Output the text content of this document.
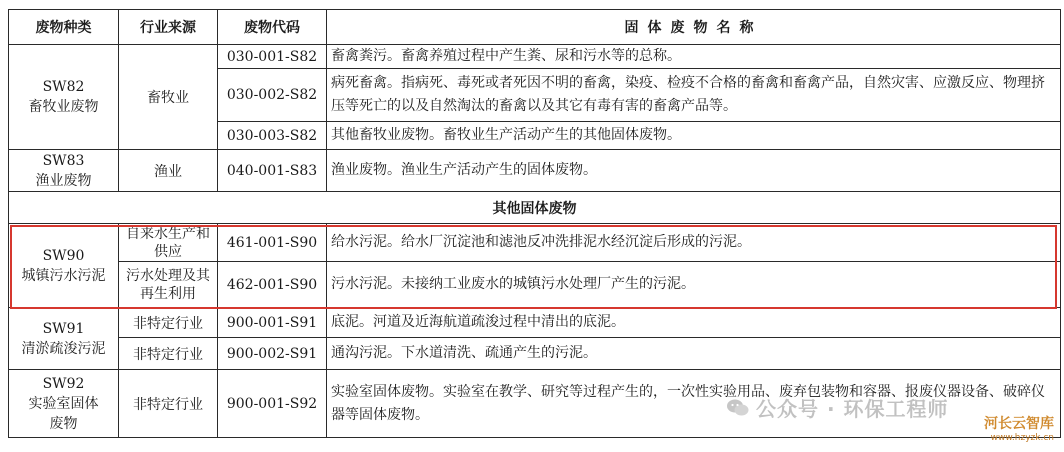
废物种类	行业来源	废物代码	固体废物名称

SW82
畜牧业废物	畜牧业	030-001-S82	畜禽粪污。畜禽养殖过程中产生粪、尿和污水等的总称。
		030-002-S82	病死畜禽。指病死、毒死或者死因不明的畜禽，染疫、检疫不合格的畜禽和畜禽产品，自然灾害、应激反应、物理挤压等死亡的以及自然淘汰的畜禽以及其它有毒有害的畜禽产品等。
		030-003-S82	其他畜牧业废物。畜牧业生产活动产生的其他固体废物。

SW83
渔业废物	渔业	040-001-S83	渔业废物。渔业生产活动产生的固体废物。
其他固体废物			

SW90
城镇污水污泥	自来水生产和供应	461-001-S90	给水污泥。给水厂沉淀池和滤池反冲洗排泥水经沉淀后形成的污泥。
	污水处理及其再生利用	462-001-S90	污水污泥。未接纳工业废水的城镇污水处理厂产生的污泥。

SW91
清淤疏浚污泥	非特定行业	900-001-S91	底泥。河道及近海航道疏浚过程中清出的底泥。
	非特定行业	900-002-S91	通沟污泥。下水道清洗、疏通产生的污泥。

SW92
实验室固体
废物	非特定行业	900-001-S92	实验室固体废物。实验室在教学、研究等过程产生的，一次性实验用品、废弃包装物和容器、报废仪器设备、破碎仪器等固体废物。	公众号 · 环保工程师
河长云智库
www.hzyzk.cn
